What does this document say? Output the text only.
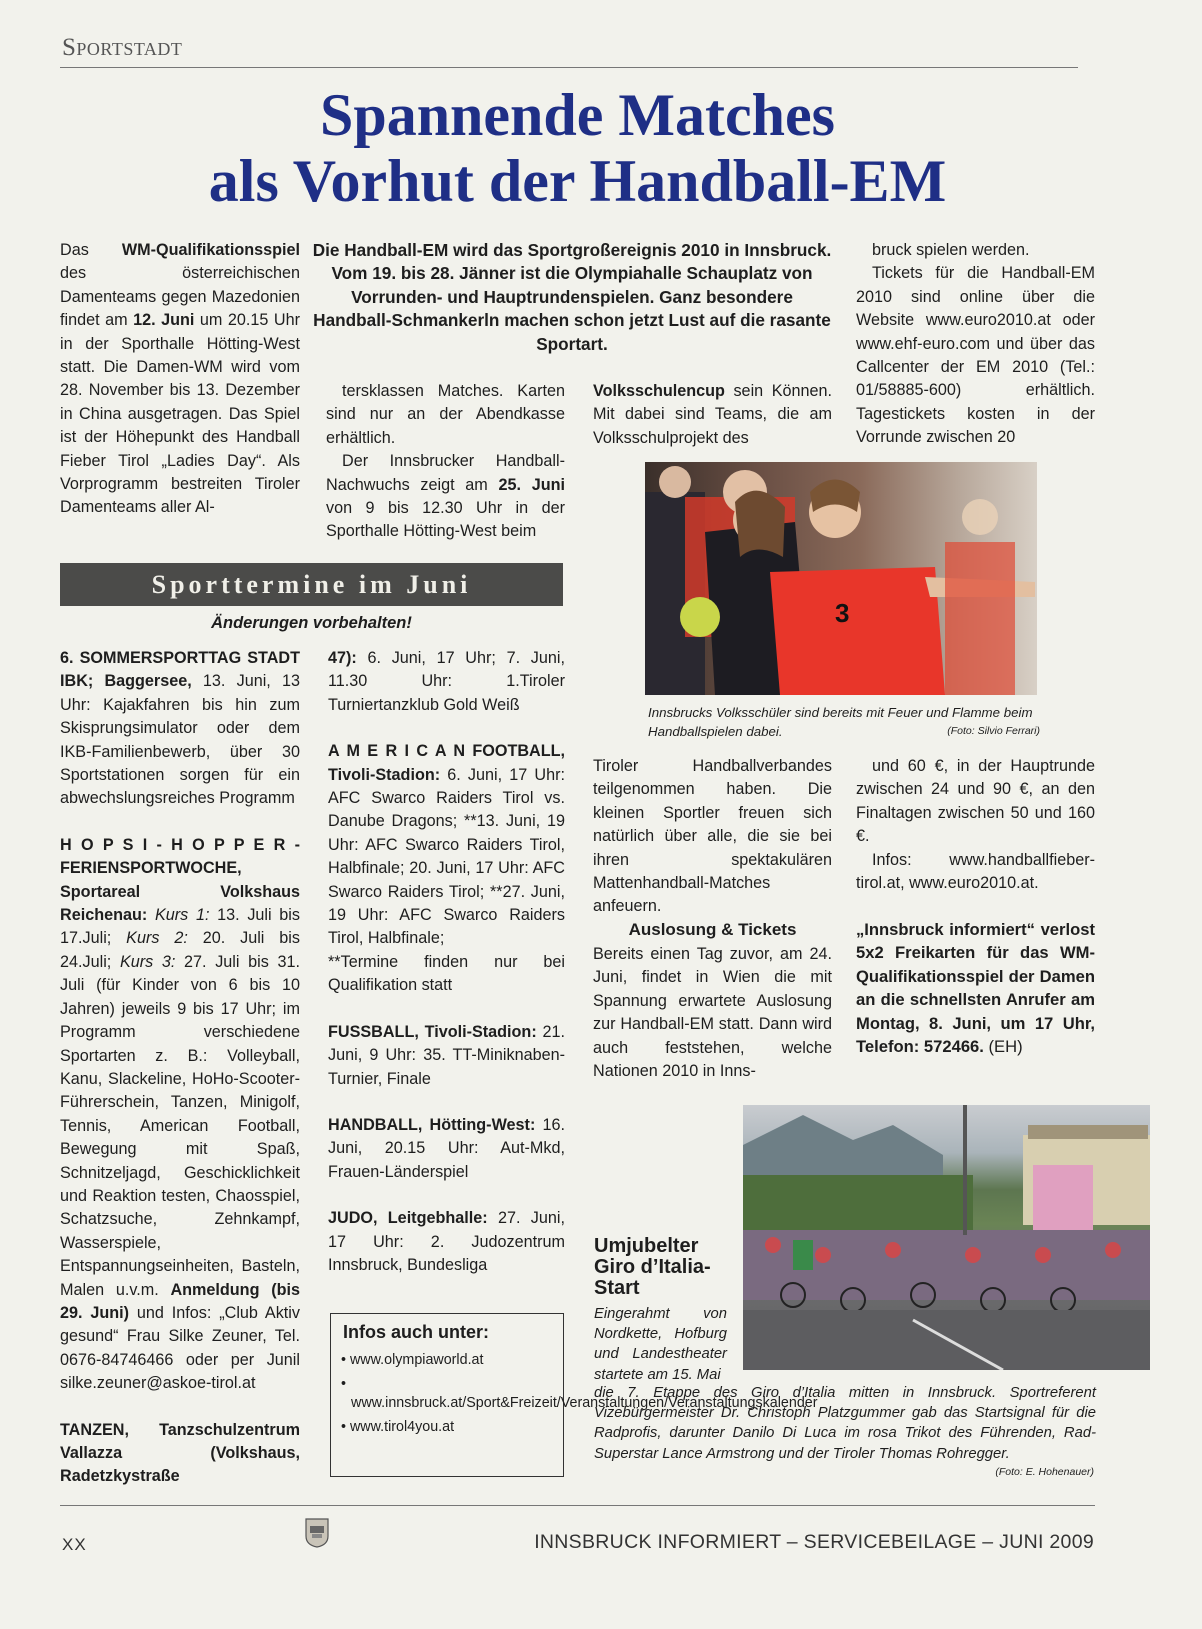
Sportstadt
Spannende Matches
als Vorhut der Handball-EM
Die Handball-EM wird das Sportgroßereignis 2010 in Innsbruck. Vom 19. bis 28. Jänner ist die Olympiahalle Schauplatz von Vorrunden- und Hauptrundenspielen. Ganz besondere Handball-Schmankerln machen schon jetzt Lust auf die rasante Sportart.

Das WM-Qualifikationsspiel des österreichischen Damenteams gegen Mazedonien findet am 12. Juni um 20.15 Uhr in der Sporthalle Hötting-West statt. Die Damen-WM wird vom 28. November bis 13. Dezember in China ausgetragen. Das Spiel ist der Höhepunkt des Handball Fieber Tirol „Ladies Day“. Als Vorprogramm bestreiten Tiroler Damenteams aller Al-

tersklassen Matches. Karten sind nur an der Abendkasse erhältlich.

Der Innsbrucker Handball-Nachwuchs zeigt am 25. Juni von 9 bis 12.30 Uhr in der Sporthalle Hötting-West beim

Volksschulencup sein Können. Mit dabei sind Teams, die am Volksschulprojekt des

Tiroler Handballverbandes teilgenommen haben. Die kleinen Sportler freuen sich natürlich über alle, die sie bei ihren spektakulären Mattenhandball-Matches anfeuern.

Auslosung & Tickets

Bereits einen Tag zuvor, am 24. Juni, findet in Wien die mit Spannung erwartete Auslosung zur Handball-EM statt. Dann wird auch feststehen, welche Nationen 2010 in Inns-

bruck spielen werden.

Tickets für die Handball-EM 2010 sind online über die Website www.euro2010.at oder www.ehf-euro.com und über das Callcenter der EM 2010 (Tel.: 01/58885-600) erhältlich. Tagestickets kosten in der Vorrunde zwischen 20

und 60 €, in der Hauptrunde zwischen 24 und 90 €, an den Finaltagen zwischen 50 und 160 €.

Infos: www.handballfieber-tirol.at, www.euro2010.at.

„Innsbruck informiert“ verlost 5x2 Freikarten für das WM-Qualifikationsspiel der Damen an die schnellsten Anrufer am Montag, 8. Juni, um 17 Uhr, Telefon: 572466. (EH)

3
Innsbrucks Volksschüler sind bereits mit Feuer und Flamme beim Handballspielen dabei.	(Foto: Silvio Ferrari)
Sporttermine im Juni
Änderungen vorbehalten!

6. SOMMERSPORTTAG STADT IBK; Baggersee, 13. Juni, 13 Uhr: Kajakfahren bis hin zum Skisprungsimulator oder dem IKB-Familienbewerb, über 30 Sportstationen sorgen für ein abwechslungsreiches Programm

H O P S I - H O P P E R - FERIENSPORTWOCHE, Sportareal Volkshaus Reichenau: Kurs 1: 13. Juli bis 17.Juli; Kurs 2: 20. Juli bis 24.Juli; Kurs 3: 27. Juli bis 31. Juli (für Kinder von 6 bis 10 Jahren) jeweils 9 bis 17 Uhr; im Programm verschiedene Sportarten z. B.: Volleyball, Kanu, Slackeline, HoHo-Scooter-Führerschein, Tanzen, Minigolf, Tennis, American Football, Bewegung mit Spaß, Schnitzeljagd, Geschicklichkeit und Reaktion testen, Chaosspiel, Schatzsuche, Zehnkampf, Wasserspiele, Entspannungseinheiten, Basteln, Malen u.v.m. Anmeldung (bis 29. Juni) und Infos: „Club Aktiv gesund“ Frau Silke Zeuner, Tel. 0676-84746466 oder per Junil silke.zeuner@askoe-tirol.at

TANZEN, Tanzschulzentrum Vallazza (Volkshaus, Radetzkystraße

47): 6. Juni, 17 Uhr; 7. Juni, 11.30 Uhr: 1.Tiroler Turniertanzklub Gold Weiß

A M E R I C A N FOOTBALL, Tivoli-Stadion: 6. Juni, 17 Uhr: AFC Swarco Raiders Tirol vs. Danube Dragons; **13. Juni, 19 Uhr: AFC Swarco Raiders Tirol, Halbfinale; 20. Juni, 17 Uhr: AFC Swarco Raiders Tirol; **27. Juni, 19 Uhr: AFC Swarco Raiders Tirol, Halbfinale;

**Termine finden nur bei Qualifikation statt

FUSSBALL, Tivoli-Stadion: 21. Juni, 9 Uhr: 35. TT-Miniknaben-Turnier, Finale

HANDBALL, Hötting-West: 16. Juni, 20.15 Uhr: Aut-Mkd, Frauen-Länderspiel

JUDO, Leitgebhalle: 27. Juni, 17 Uhr: 2. Judozentrum Innsbruck, Bundesliga

Infos auch unter:
• www.olympiaworld.at
• www.innsbruck.at/Sport&Freizeit/Veranstaltungen/Veranstaltungskalender
• www.tirol4you.at
Umjubelter Giro d’Italia-Start
Eingerahmt von Nordkette, Hofburg und Landestheater startete am 15. Mai
die 7. Etappe des Giro d’Italia mitten in Innsbruck. Sportreferent Vizebürgermeister Dr. Christoph Platzgummer gab das Startsignal für die Radprofis, darunter Danilo Di Luca im rosa Trikot des Führenden, Rad-Superstar Lance Armstrong und der Tiroler Thomas Rohregger.
(Foto: E. Hohenauer)
XX	INNSBRUCK INFORMIERT – SERVICEBEILAGE – JUNI 2009
